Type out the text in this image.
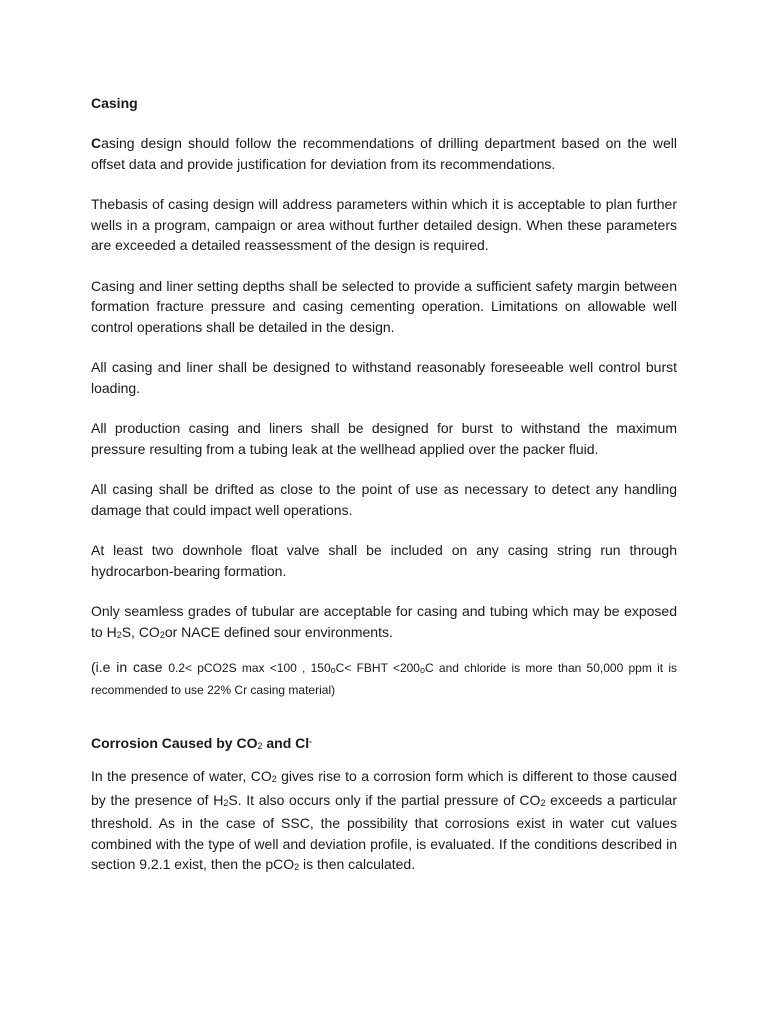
Casing

Casing design should follow the recommendations of drilling department based on the well offset data and provide justification for deviation from its recommendations.

Thebasis of casing design will address parameters within which it is acceptable to plan further wells in a program, campaign or area without further detailed design. When these parameters are exceeded a detailed reassessment of the design is required.

Casing and liner setting depths shall be selected to provide a sufficient safety margin between formation fracture pressure and casing cementing operation. Limitations on allowable well control operations shall be detailed in the design.

All casing and liner shall be designed to withstand reasonably foreseeable well control burst loading.

All production casing and liners shall be designed for burst to withstand the maximum pressure resulting from a tubing leak at the wellhead applied over the packer fluid.

All casing shall be drifted as close to the point of use as necessary to detect any handling damage that could impact well operations.

At least two downhole float valve shall be included on any casing string run through hydrocarbon-bearing formation.

Only seamless grades of tubular are acceptable for casing and tubing which may be exposed to H2S, CO2or NACE defined sour environments.

(i.e in case 0.2< pCO2S max <100 , 150oC< FBHT <200oC and chloride is more than 50,000 ppm it is recommended to use 22% Cr casing material)

Corrosion Caused by CO2 and Cl-

In the presence of water, CO2 gives rise to a corrosion form which is different to those caused by the presence of H2S. It also occurs only if the partial pressure of CO2 exceeds a particular threshold. As in the case of SSC, the possibility that corrosions exist in water cut values combined with the type of well and deviation profile, is evaluated. If the conditions described in section 9.2.1 exist, then the pCO2 is then calculated.
